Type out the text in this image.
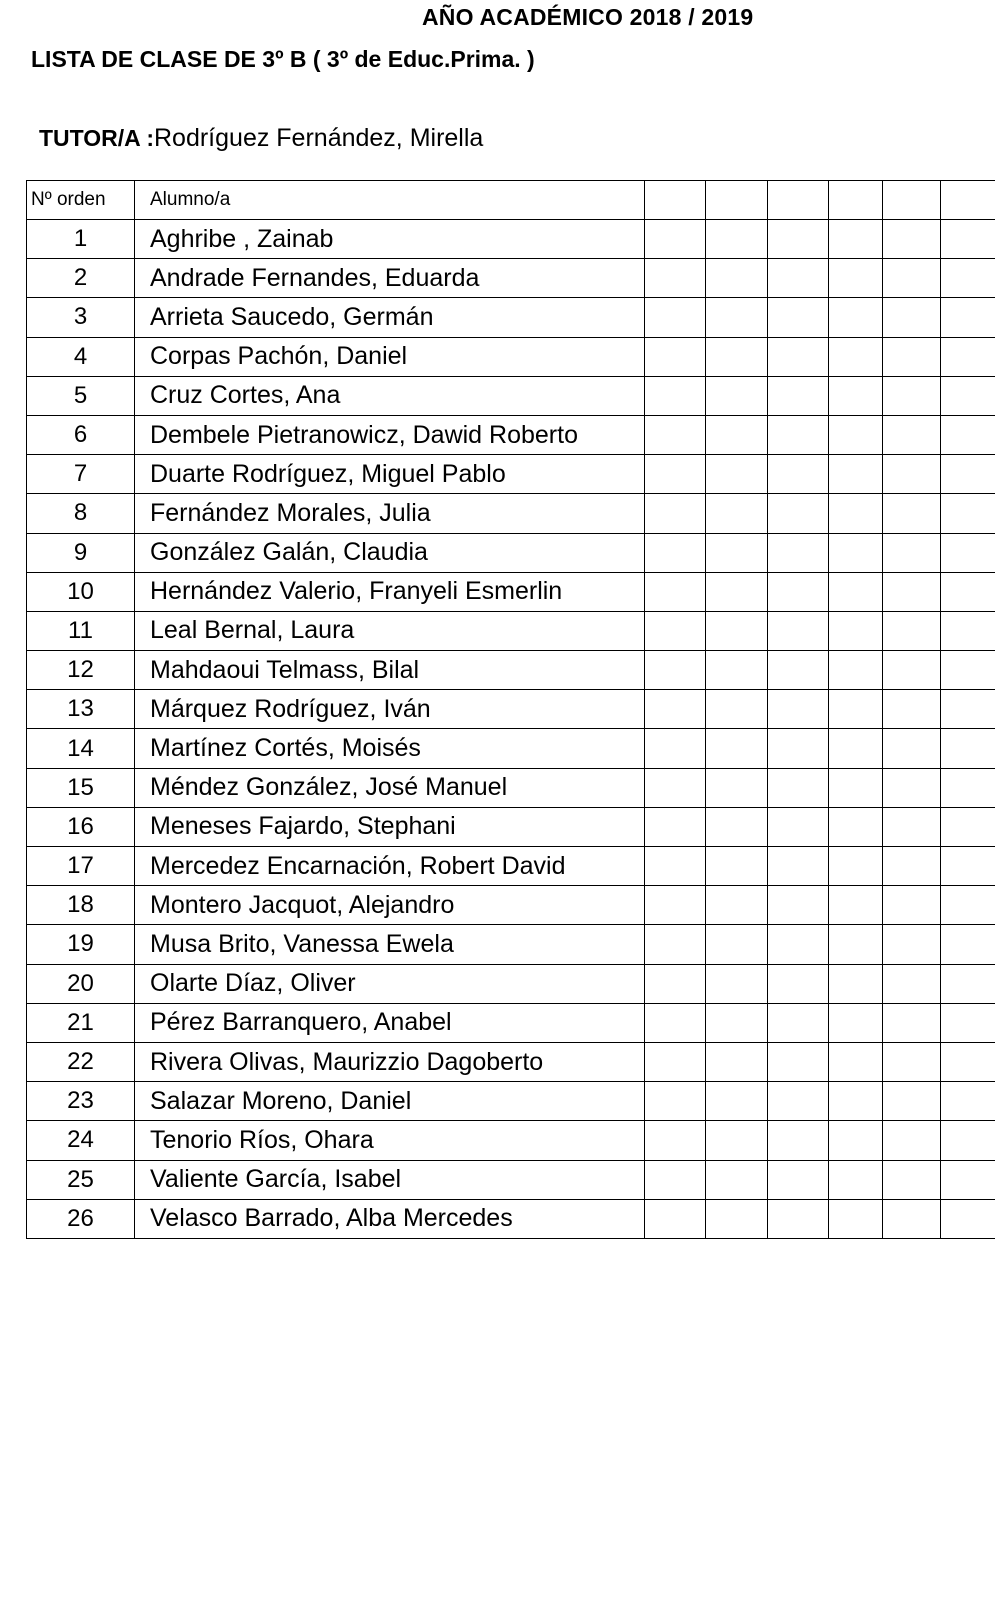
AÑO ACADÉMICO 2018 / 2019
LISTA DE CLASE DE 3º B ( 3º de Educ.Prima. )
TUTOR/A :Rodríguez Fernández, Mirella
Nº orden	Alumno/a						
1	Aghribe , Zainab						
2	Andrade Fernandes, Eduarda						
3	Arrieta Saucedo, Germán						
4	Corpas Pachón, Daniel						
5	Cruz Cortes, Ana						
6	Dembele Pietranowicz, Dawid Roberto						
7	Duarte Rodríguez, Miguel Pablo						
8	Fernández Morales, Julia						
9	González Galán, Claudia						
10	Hernández Valerio, Franyeli Esmerlin						
11	Leal Bernal, Laura						
12	Mahdaoui Telmass, Bilal						
13	Márquez Rodríguez, Iván						
14	Martínez Cortés, Moisés						
15	Méndez González, José Manuel						
16	Meneses Fajardo, Stephani						
17	Mercedez Encarnación, Robert David						
18	Montero Jacquot, Alejandro						
19	Musa Brito, Vanessa Ewela						
20	Olarte Díaz, Oliver						
21	Pérez Barranquero, Anabel						
22	Rivera Olivas, Maurizzio Dagoberto						
23	Salazar Moreno, Daniel						
24	Tenorio Ríos, Ohara						
25	Valiente García, Isabel						
26	Velasco Barrado, Alba Mercedes						
